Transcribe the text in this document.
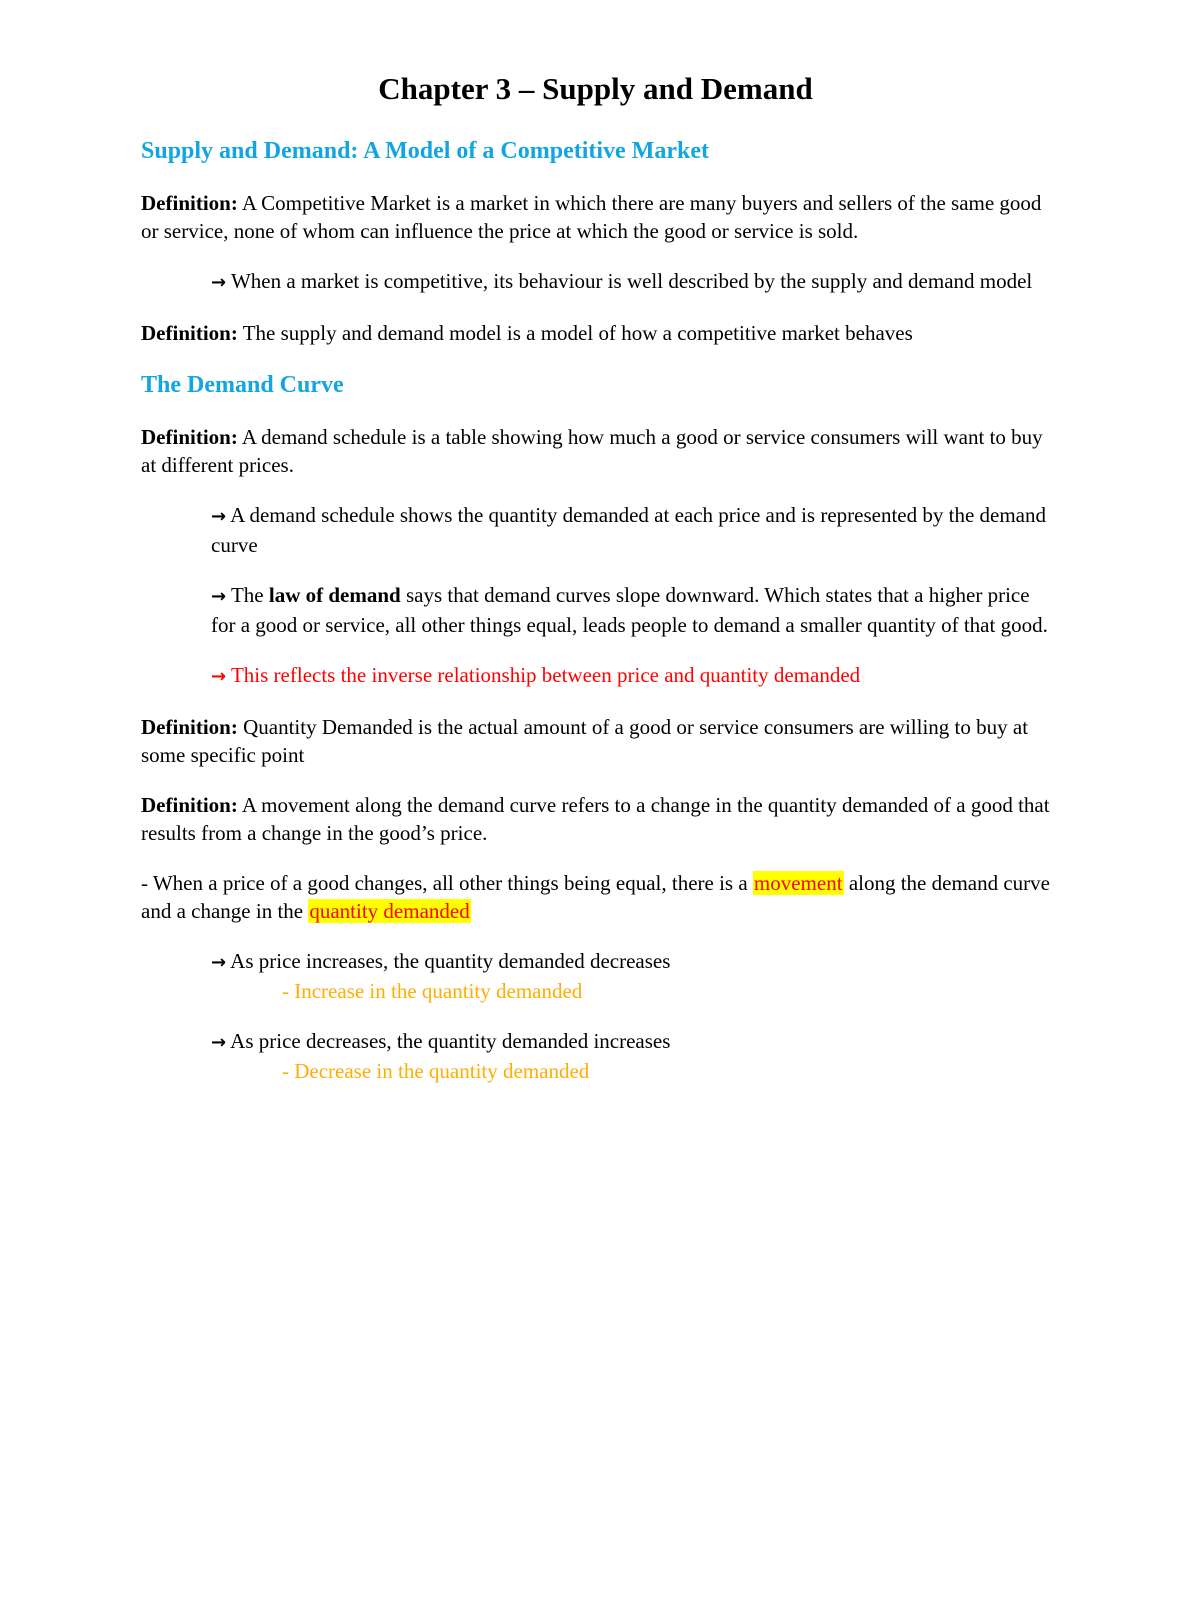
Chapter 3 – Supply and Demand
Supply and Demand: A Model of a Competitive Market

Definition: A Competitive Market is a market in which there are many buyers and sellers of the same good or service, none of whom can influence the price at which the good or service is sold.

→ When a market is competitive, its behaviour is well described by the supply and demand model

Definition: The supply and demand model is a model of how a competitive market behaves

The Demand Curve

Definition: A demand schedule is a table showing how much a good or service consumers will want to buy at different prices.

→ A demand schedule shows the quantity demanded at each price and is represented by the demand curve

→ The law of demand says that demand curves slope downward. Which states that a higher price for a good or service, all other things equal, leads people to demand a smaller quantity of that good.

→ This reflects the inverse relationship between price and quantity demanded

Definition: Quantity Demanded is the actual amount of a good or service consumers are willing to buy at some specific point

Definition: A movement along the demand curve refers to a change in the quantity demanded of a good that results from a change in the good’s price.

- When a price of a good changes, all other things being equal, there is a movement along the demand curve and a change in the quantity demanded

→ As price increases, the quantity demanded decreases
- Increase in the quantity demanded

→ As price decreases, the quantity demanded increases
- Decrease in the quantity demanded
